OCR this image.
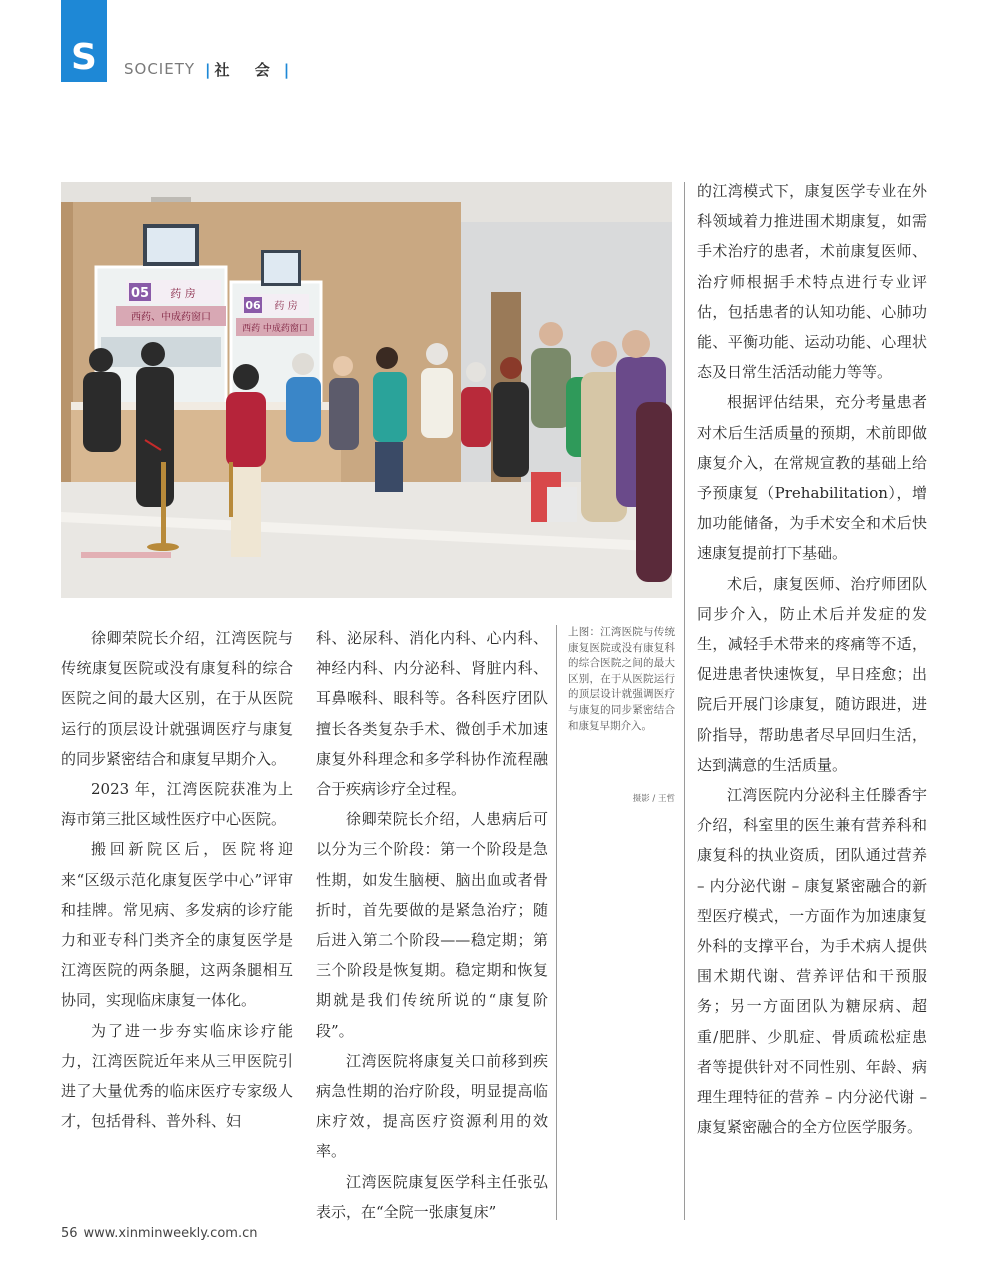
S	SOCIETY | 社 会 |
05 药 房
西药、中成药窗口
06 药 房
西药 中成药窗口

徐卿荣院长介绍，江湾医院与传统康复医院或没有康复科的综合医院之间的最大区别，在于从医院运行的顶层设计就强调医疗与康复的同步紧密结合和康复早期介入。

2023 年，江湾医院获准为上海市第三批区域性医疗中心医院。

搬回新院区后，医院将迎来“区级示范化康复医学中心”评审和挂牌。常见病、多发病的诊疗能力和亚专科门类齐全的康复医学是江湾医院的两条腿，这两条腿相互协同，实现临床康复一体化。

为了进一步夯实临床诊疗能力，江湾医院近年来从三甲医院引进了大量优秀的临床医疗专家级人才，包括骨科、普外科、妇

科、泌尿科、消化内科、心内科、神经内科、内分泌科、肾脏内科、耳鼻喉科、眼科等。各科医疗团队擅长各类复杂手术、微创手术加速康复外科理念和多学科协作流程融合于疾病诊疗全过程。

徐卿荣院长介绍，人患病后可以分为三个阶段：第一个阶段是急性期，如发生脑梗、脑出血或者骨折时，首先要做的是紧急治疗；随后进入第二个阶段——稳定期；第三个阶段是恢复期。稳定期和恢复期就是我们传统所说的“康复阶段”。

江湾医院将康复关口前移到疾病急性期的治疗阶段，明显提高临床疗效，提高医疗资源利用的效率。

江湾医院康复医学科主任张弘表示，在“全院一张康复床”

上图：江湾医院与传统康复医院或没有康复科的综合医院之间的最大区别，在于从医院运行的顶层设计就强调医疗与康复的同步紧密结合和康复早期介入。
摄影 / 王哲

的江湾模式下，康复医学专业在外科领域着力推进围术期康复，如需手术治疗的患者，术前康复医师、治疗师根据手术特点进行专业评估，包括患者的认知功能、心肺功能、平衡功能、运动功能、心理状态及日常生活活动能力等等。

根据评估结果，充分考量患者对术后生活质量的预期，术前即做康复介入，在常规宣教的基础上给予预康复（Prehabilitation），增加功能储备，为手术安全和术后快速康复提前打下基础。

术后，康复医师、治疗师团队同步介入，防止术后并发症的发生，减轻手术带来的疼痛等不适，促进患者快速恢复，早日痊愈；出院后开展门诊康复，随访跟进，进阶指导，帮助患者尽早回归生活，达到满意的生活质量。

江湾医院内分泌科主任滕香宇介绍，科室里的医生兼有营养科和康复科的执业资质，团队通过营养 – 内分泌代谢 – 康复紧密融合的新型医疗模式，一方面作为加速康复外科的支撑平台，为手术病人提供围术期代谢、营养评估和干预服务；另一方面团队为糖尿病、超重/肥胖、少肌症、骨质疏松症患者等提供针对不同性别、年龄、病理生理特征的营养 – 内分泌代谢 – 康复紧密融合的全方位医学服务。

56 www.xinminweekly.com.cn
